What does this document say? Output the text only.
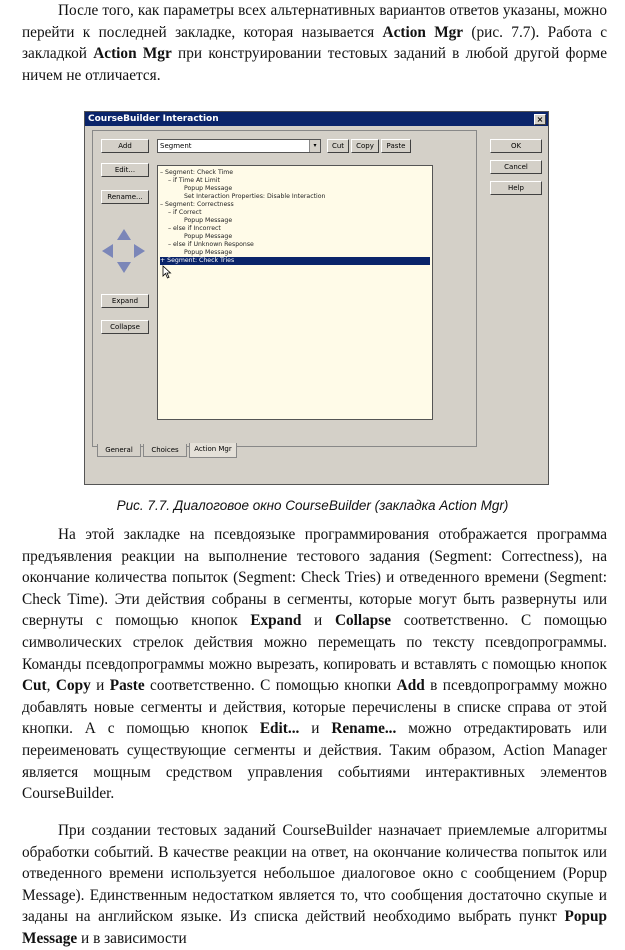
После того, как параметры всех альтернативных вариантов ответов указаны, можно перейти к последней закладке, которая называется Action Mgr (рис. 7.7). Работа с закладкой Action Mgr при конструировании тестовых заданий в любой другой форме ничем не отличается.

Рис. 7.7. Диалоговое окно CourseBuilder (закладка Action Mgr)

На этой закладке на псевдоязыке программирования отображается программа предъявления реакции на выполнение тестового задания (Segment: Correctness), на окончание количества попыток (Segment: Check Tries) и отведенного времени (Segment: Check Time). Эти действия собраны в сегменты, которые могут быть развернуты или свернуты с помощью кнопок Expand и Collapse соответственно. С помощью символических стрелок действия можно перемещать по тексту псевдопрограммы. Команды псевдопрограммы можно вырезать, копировать и вставлять с помощью кнопок Cut, Copy и Paste соответственно. С помощью кнопки Add в псевдопрограмму можно добавлять новые сегменты и действия, которые перечислены в списке справа от этой кнопки. А с помощью кнопок Edit... и Rename... можно отредактировать или переименовать существующие сегменты и действия. Таким образом, Action Manager является мощным средством управления событиями интерактивных элементов CourseBuilder.

При создании тестовых заданий CourseBuilder назначает приемлемые алгоритмы обработки событий. В качестве реакции на ответ, на окончание количества попыток или отведенного времени используется небольшое диалоговое окно с сообщением (Popup Message). Единственным недостатком является то, что сообщения достаточно скупые и заданы на английском языке. Из списка действий необходимо выбрать пункт Popup Message и в зависимости

CourseBuilder Interaction	×
Add
Edit...
Rename...
Expand
Collapse
Segment	▾	Cut	Copy	Paste
– Segment: Check Time
– if Time At Limit
Popup Message
Set Interaction Properties: Disable Interaction
– Segment: Correctness
– if Correct
Popup Message
– else if Incorrect
Popup Message
– else if Unknown Response
Popup Message
+ Segment: Check Tries
General	Choices	Action Mgr
OK
Cancel
Help
